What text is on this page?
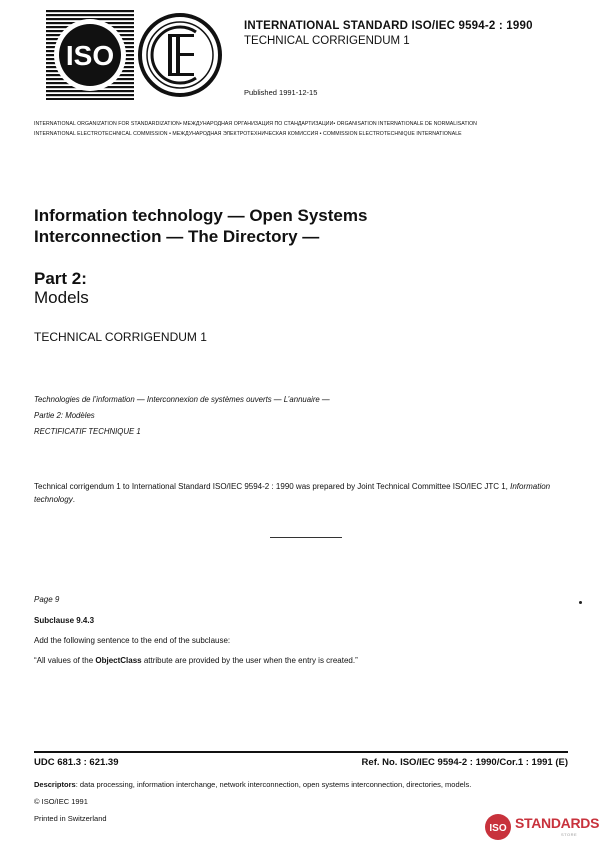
ISO
INTERNATIONAL STANDARD ISO/IEC 9594-2 : 1990
TECHNICAL CORRIGENDUM 1
Published 1991-12-15
INTERNATIONAL ORGANIZATION FOR STANDARDIZATION• МЕЖДУНАРОДНАЯ ОРГАНИЗАЦИЯ ПО СТАНДАРТИЗАЦИИ• ORGANISATION INTERNATIONALE DE NORMALISATION
INTERNATIONAL ELECTROTECHNICAL COMMISSION • МЕЖДУНАРОДНАЯ ЭЛЕКТРОТЕХНИЧЕСКАЯ КОМИССИЯ • COMMISSION ELECTROTECHNIQUE INTERNATIONALE
Information technology — Open Systems
Interconnection — The Directory —
Part 2:
Models
TECHNICAL CORRIGENDUM 1
Technologies de l’information — Interconnexion de systèmes ouverts — L’annuaire —
Partie 2: Modèles
RECTIFICATIF TECHNIQUE 1
Technical corrigendum 1 to International Standard ISO/IEC 9594-2 : 1990 was prepared by Joint Technical Committee ISO/IEC JTC 1, Information technology.
Page 9
Subclause 9.4.3
Add the following sentence to the end of the subclause:
“All values of the ObjectClass attribute are provided by the user when the entry is created.”
UDC 681.3 : 621.39	Ref. No. ISO/IEC 9594-2 : 1990/Cor.1 : 1991 (E)
Descriptors: data processing, information interchange, network interconnection, open systems interconnection, directories, models.
© ISO/IEC 1991
Printed in Switzerland
ISO STANDARDS
STORE
